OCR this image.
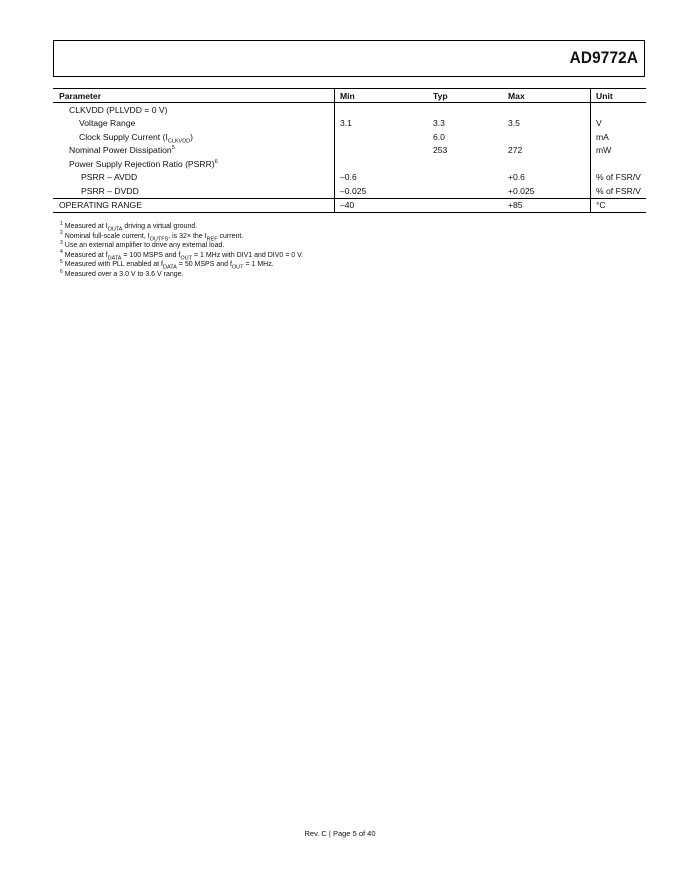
AD9772A
Parameter	Min	Typ	Max	Unit
CLKVDD (PLLVDD = 0 V)				
Voltage Range	3.1	3.3	3.5	V
Clock Supply Current $(I_{CLKVDD})$		6.0		mA
Nominal Power Dissipation$^5$		253	272	mW
Power Supply Rejection Ratio (PSRR)$^6$				
PSRR – AVDD	–0.6		+0.6	% of FSR/V
PSRR – DVDD	–0.025		+0.025	% of FSR/V
OPERATING RANGE	–40		+85	°C
$^1$ Measured at $I_{OUTA}$ driving a virtual ground.
$^2$ Nominal full-scale current, $I_{OUTFS}$, is 32× the $I_{REF}$ current.
$^3$ Use an external amplifier to drive any external load.
$^4$ Measured at $f_{DATA} = 100$ MSPS and $f_{OUT} = 1$ MHz with DIV1 and DIV0 = 0 V.
$^5$ Measured with PLL enabled at $f_{DATA} = 50$ MSPS and $f_{OUT} = 1$ MHz.
$^6$ Measured over a 3.0 V to 3.6 V range.
Rev. C | Page 5 of 40
